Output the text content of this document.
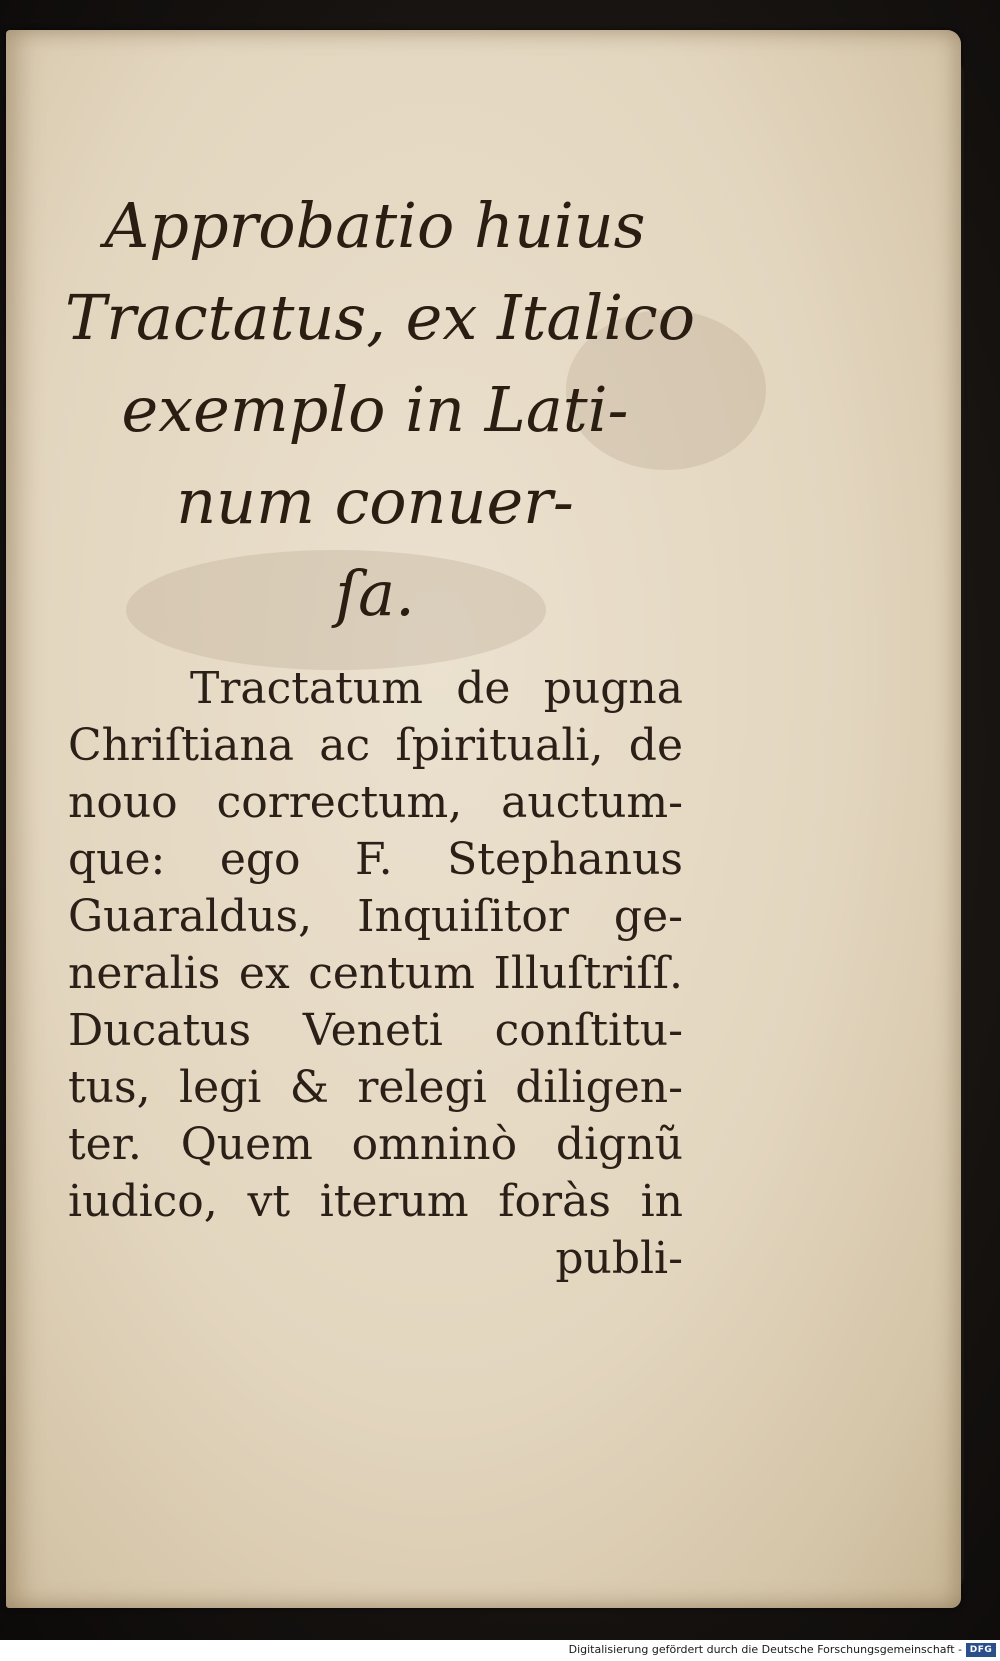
Approbatio huius
Tractatus, ex Italico
exemplo in Lati-
num conuer-
ſa.
Tractatum de pugna
Chriſtiana ac ſpirituali, de
nouo correctum, auctum-
que: ego F. Stephanus
Guaraldus, Inquiſitor ge-
neralis ex centum Illuſtriſſ.
Ducatus Veneti conſtitu-
tus, legi & relegi diligen-
ter. Quem omninò dignũ
iudico, vt iterum foràs in
publi-
Digitalisierung gefördert durch die Deutsche Forschungsgemeinschaft - DFG
